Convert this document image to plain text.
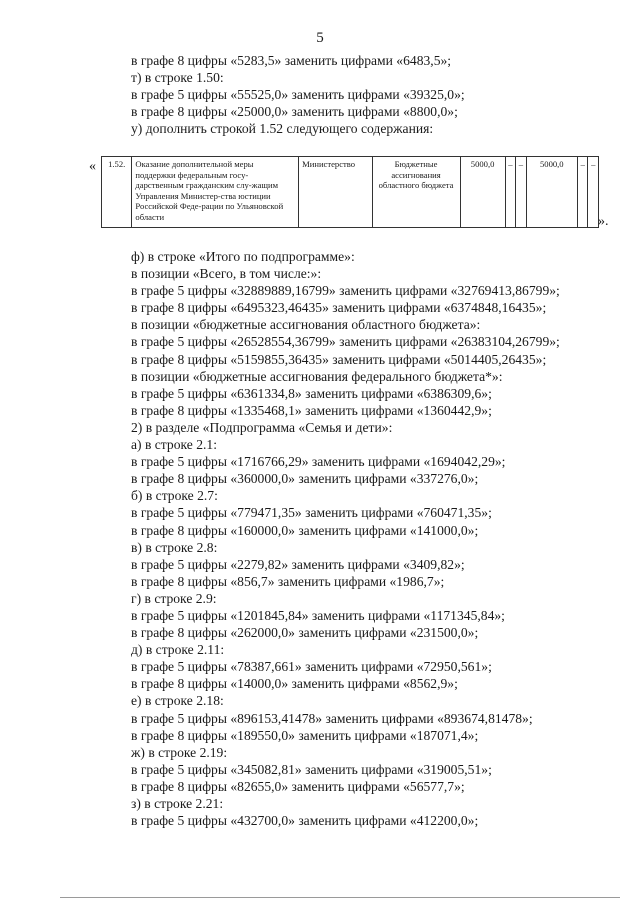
5
в графе 8 цифры «5283,5» заменить цифрами «6483,5»;
т) в строке 1.50:
в графе 5 цифры «55525,0» заменить цифрами «39325,0»;
в графе 8 цифры «25000,0» заменить цифрами «8800,0»;
у) дополнить строкой 1.52 следующего содержания:
« 1.52.	Оказание дополнительной меры поддержки федеральным госу-дарственным гражданским слу-жащим Управления Министер-ства юстиции Российской Феде-рации по Ульяновской области	Министерство	Бюджетные ассигнования областного бюджета	5000,0	–	–	5000,0	–	–
».
ф) в строке «Итого по подпрограмме»:
в позиции «Всего, в том числе:»:
в графе 5 цифры «32889889,16799» заменить цифрами «32769413,86799»;
в графе 8 цифры «6495323,46435» заменить цифрами «6374848,16435»;
в позиции «бюджетные ассигнования областного бюджета»:
в графе 5 цифры «26528554,36799» заменить цифрами «26383104,26799»;
в графе 8 цифры «5159855,36435» заменить цифрами «5014405,26435»;
в позиции «бюджетные ассигнования федерального бюджета*»:
в графе 5 цифры «6361334,8» заменить цифрами «6386309,6»;
в графе 8 цифры «1335468,1» заменить цифрами «1360442,9»;
2) в разделе «Подпрограмма «Семья и дети»:
а) в строке 2.1:
в графе 5 цифры «1716766,29» заменить цифрами «1694042,29»;
в графе 8 цифры «360000,0» заменить цифрами «337276,0»;
б) в строке 2.7:
в графе 5 цифры «779471,35» заменить цифрами «760471,35»;
в графе 8 цифры «160000,0» заменить цифрами «141000,0»;
в) в строке 2.8:
в графе 5 цифры «2279,82» заменить цифрами «3409,82»;
в графе 8 цифры «856,7» заменить цифрами «1986,7»;
г) в строке 2.9:
в графе 5 цифры «1201845,84» заменить цифрами «1171345,84»;
в графе 8 цифры «262000,0» заменить цифрами «231500,0»;
д) в строке 2.11:
в графе 5 цифры «78387,661» заменить цифрами «72950,561»;
в графе 8 цифры «14000,0» заменить цифрами «8562,9»;
е) в строке 2.18:
в графе 5 цифры «896153,41478» заменить цифрами «893674,81478»;
в графе 8 цифры «189550,0» заменить цифрами «187071,4»;
ж) в строке 2.19:
в графе 5 цифры «345082,81» заменить цифрами «319005,51»;
в графе 8 цифры «82655,0» заменить цифрами «56577,7»;
з) в строке 2.21:
в графе 5 цифры «432700,0» заменить цифрами «412200,0»;
